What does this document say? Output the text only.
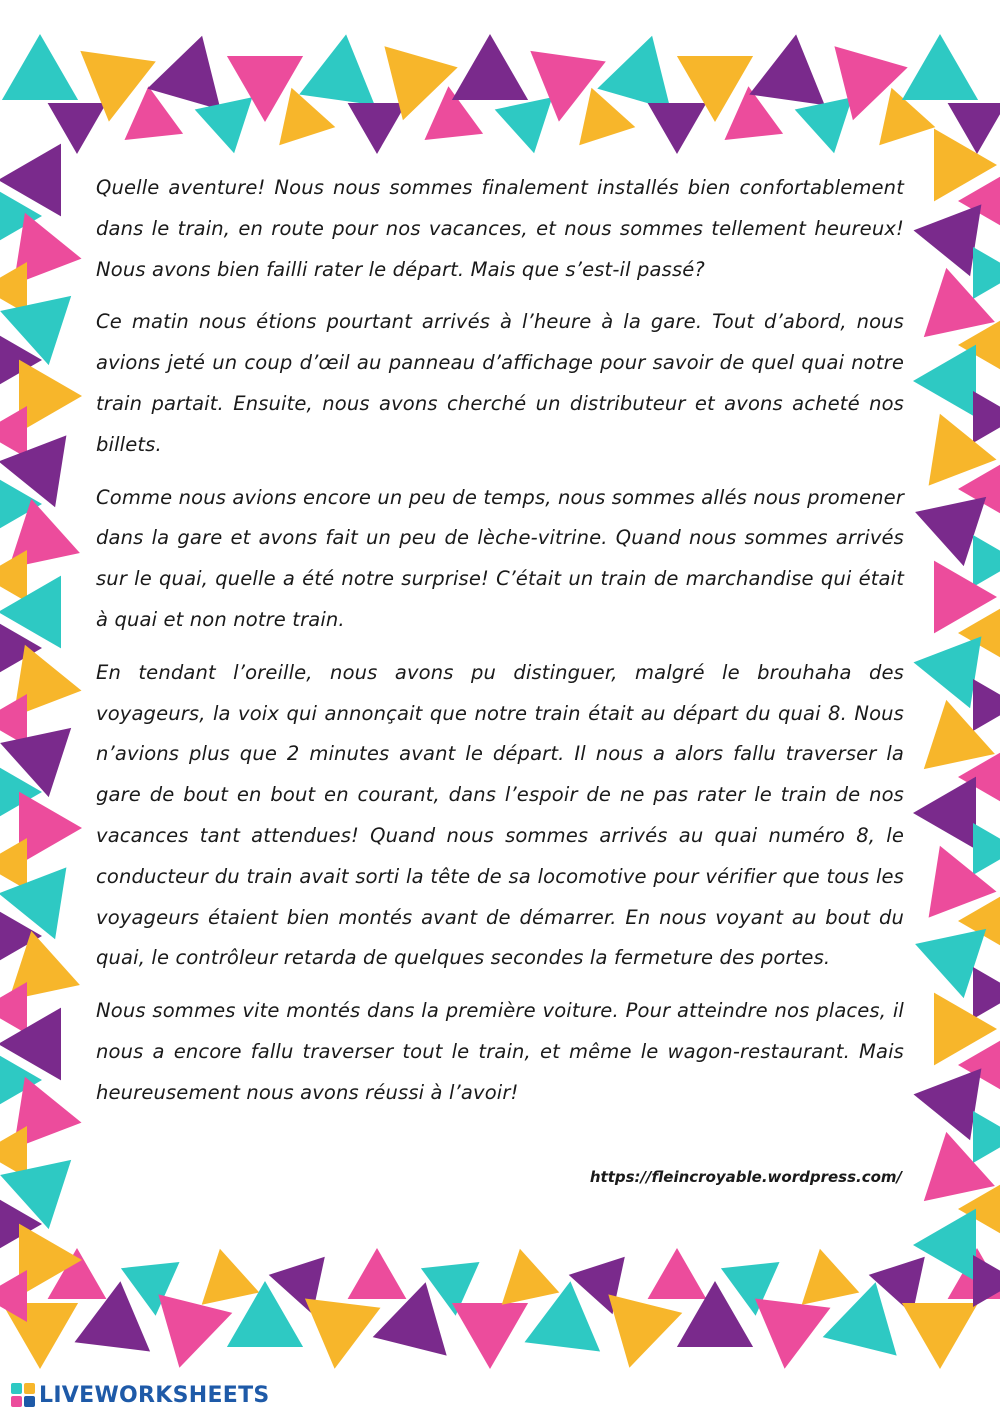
Quelle aventure! Nous nous sommes finalement installés bien confortablement dans le train, en route pour nos vacances, et nous sommes tellement heureux! Nous avons bien failli rater le départ. Mais que s’est-il passé?

Ce matin nous étions pourtant arrivés à l’heure à la gare. Tout d’abord, nous avions jeté un coup d’œil au panneau d’affichage pour savoir de quel quai notre train partait. Ensuite, nous avons cherché un distributeur et avons acheté nos billets.

Comme nous avions encore un peu de temps, nous sommes allés nous promener dans la gare et avons fait un peu de lèche-vitrine. Quand nous sommes arrivés sur le quai, quelle a été notre surprise! C’était un train de marchandise qui était à quai et non notre train.

En tendant l’oreille, nous avons pu distinguer, malgré le brouhaha des voyageurs, la voix qui annonçait que notre train était au départ du quai 8. Nous n’avions plus que 2 minutes avant le départ. Il nous a alors fallu traverser la gare de bout en bout en courant, dans l’espoir de ne pas rater le train de nos vacances tant attendues! Quand nous sommes arrivés au quai numéro 8, le conducteur du train avait sorti la tête de sa locomotive pour vérifier que tous les voyageurs étaient bien montés avant de démarrer. En nous voyant au bout du quai, le contrôleur retarda de quelques secondes la fermeture des portes.

Nous sommes vite montés dans la première voiture. Pour atteindre nos places, il nous a encore fallu traverser tout le train, et même le wagon-restaurant. Mais heureusement nous avons réussi à l’avoir!

https://fleincroyable.wordpress.com/
LIVEWORKSHEETS
